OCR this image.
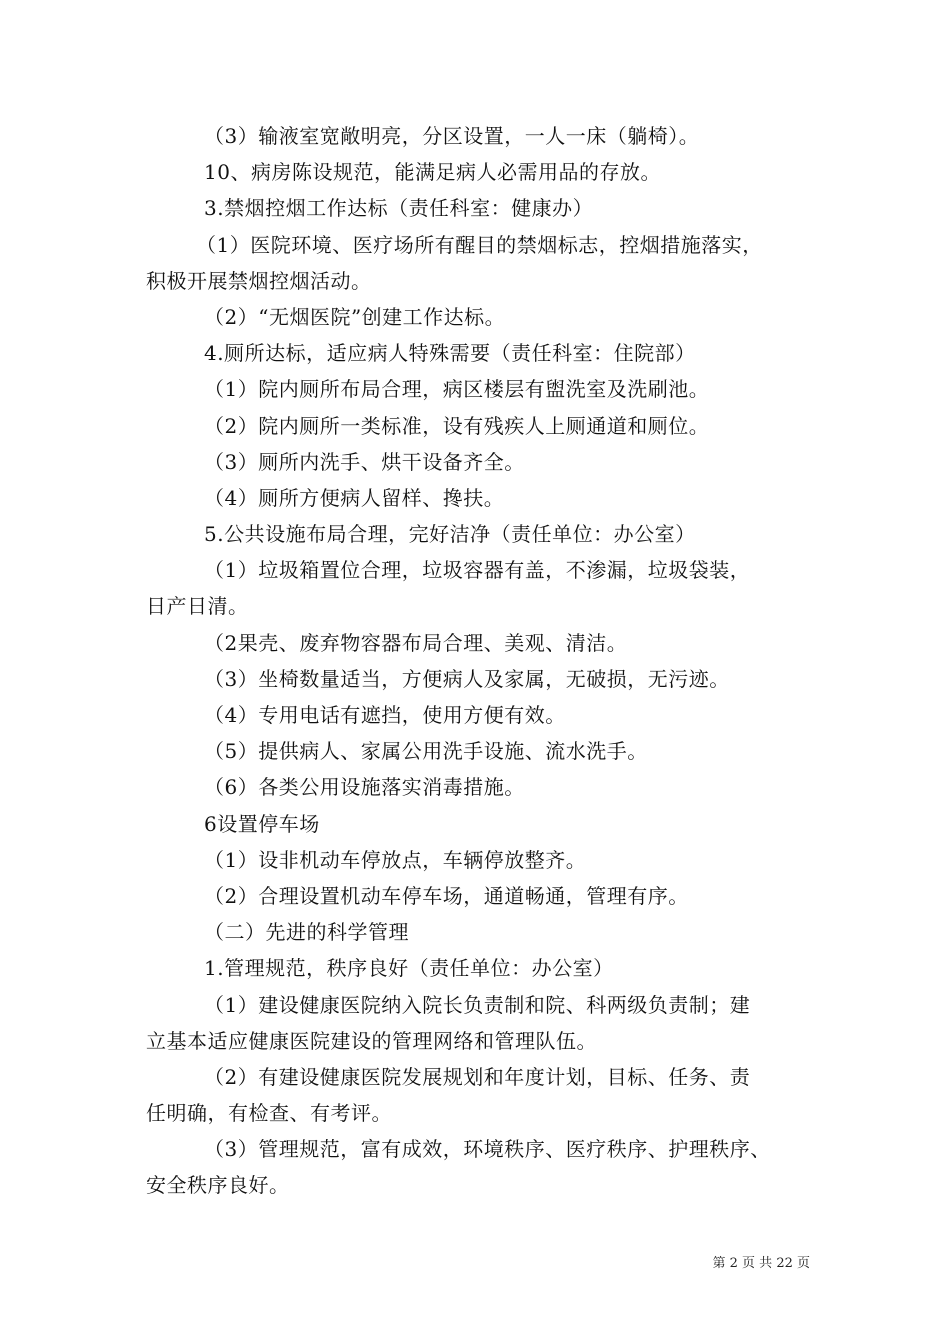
（3）输液室宽敞明亮，分区设置，一人一床（躺椅）。
10、病房陈设规范，能满足病人必需用品的存放。
3.禁烟控烟工作达标（责任科室：健康办）
（1）医院环境、医疗场所有醒目的禁烟标志，控烟措施落实，
积极开展禁烟控烟活动。
（2）“无烟医院”创建工作达标。
4.厕所达标，适应病人特殊需要（责任科室：住院部）
（1）院内厕所布局合理，病区楼层有盥洗室及洗刷池。
（2）院内厕所一类标准，设有残疾人上厕通道和厕位。
（3）厕所内洗手、烘干设备齐全。
（4）厕所方便病人留样、搀扶。
5.公共设施布局合理，完好洁净（责任单位：办公室）
（1）垃圾箱置位合理，垃圾容器有盖，不渗漏，垃圾袋装，
日产日清。
（2果壳、废弃物容器布局合理、美观、清洁。
（3）坐椅数量适当，方便病人及家属，无破损，无污迹。
（4）专用电话有遮挡，使用方便有效。
（5）提供病人、家属公用洗手设施、流水洗手。
（6）各类公用设施落实消毒措施。
6设置停车场
（1）设非机动车停放点，车辆停放整齐。
（2）合理设置机动车停车场，通道畅通，管理有序。
（二）先进的科学管理
1.管理规范，秩序良好（责任单位：办公室）
（1）建设健康医院纳入院长负责制和院、科两级负责制；建
立基本适应健康医院建设的管理网络和管理队伍。
（2）有建设健康医院发展规划和年度计划，目标、任务、责
任明确，有检查、有考评。
（3）管理规范，富有成效，环境秩序、医疗秩序、护理秩序、
安全秩序良好。
第 2 页 共 22 页
